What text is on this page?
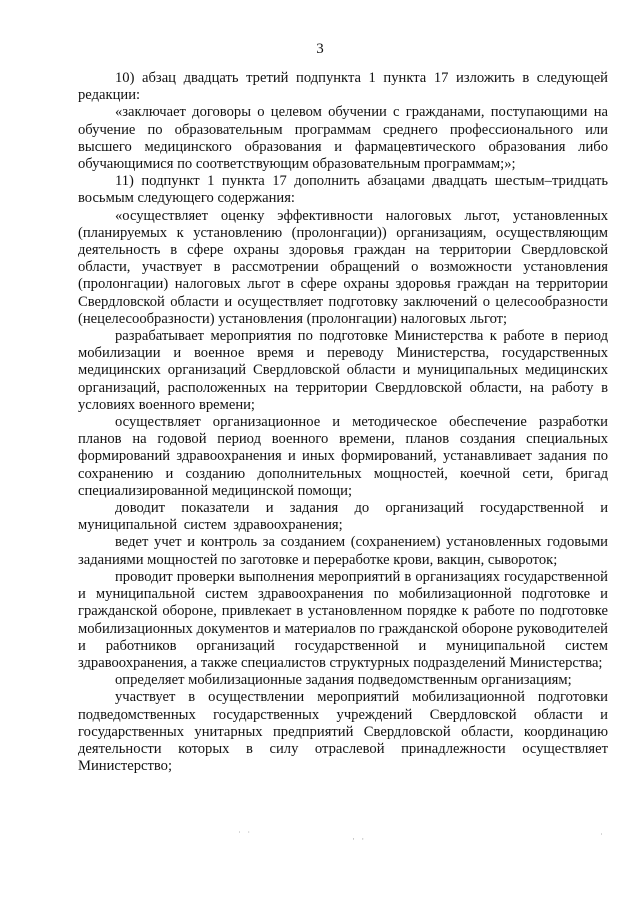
3

10) абзац двадцать третий подпункта 1 пункта 17 изложить в следующей редакции:

«заключает договоры о целевом обучении с гражданами, поступающими на обучение по образовательным программам среднего профессионального или высшего медицинского образования и фармацевтического образования либо обучающимися по соответствующим образовательным программам;»;

11) подпункт 1 пункта 17 дополнить абзацами двадцать шестым–тридцать восьмым следующего содержания:

«осуществляет оценку эффективности налоговых льгот, установленных (планируемых к установлению (пролонгации)) организациям, осуществляющим деятельность в сфере охраны здоровья граждан на территории Свердловской области, участвует в рассмотрении обращений о возможности установления (пролонгации) налоговых льгот в сфере охраны здоровья граждан на территории Свердловской области и осуществляет подготовку заключений о целесообразности (нецелесообразности) установления (пролонгации) налоговых льгот;

разрабатывает мероприятия по подготовке Министерства к работе в период мобилизации и военное время и переводу Министерства, государственных медицинских организаций Свердловской области и муниципальных медицинских организаций, расположенных на территории Свердловской области, на работу в условиях военного времени;

осуществляет организационное и методическое обеспечение разработки планов на годовой период военного времени, планов создания специальных формирований здравоохранения и иных формирований, устанавливает задания по сохранению и созданию дополнительных мощностей, коечной сети, бригад специализированной медицинской помощи;

доводит показатели и задания до организаций государственной и муниципальной систем здравоохранения;

ведет учет и контроль за созданием (сохранением) установленных годовыми заданиями мощностей по заготовке и переработке крови, вакцин, сывороток;

проводит проверки выполнения мероприятий в организациях государственной и муниципальной систем здравоохранения по мобилизационной подготовке и гражданской обороне, привлекает в установленном порядке к работе по подготовке мобилизационных документов и материалов по гражданской обороне руководителей и работников организаций государственной и муниципальной систем здравоохранения, а также специалистов структурных подразделений Министерства;

определяет мобилизационные задания подведомственным организациям;

участвует в осуществлении мероприятий мобилизационной подготовки подведомственных государственных учреждений Свердловской области и государственных унитарных предприятий Свердловской области, координацию деятельности которых в силу отраслевой принадлежности осуществляет Министерство;

˙ ˙	· ·	˙
